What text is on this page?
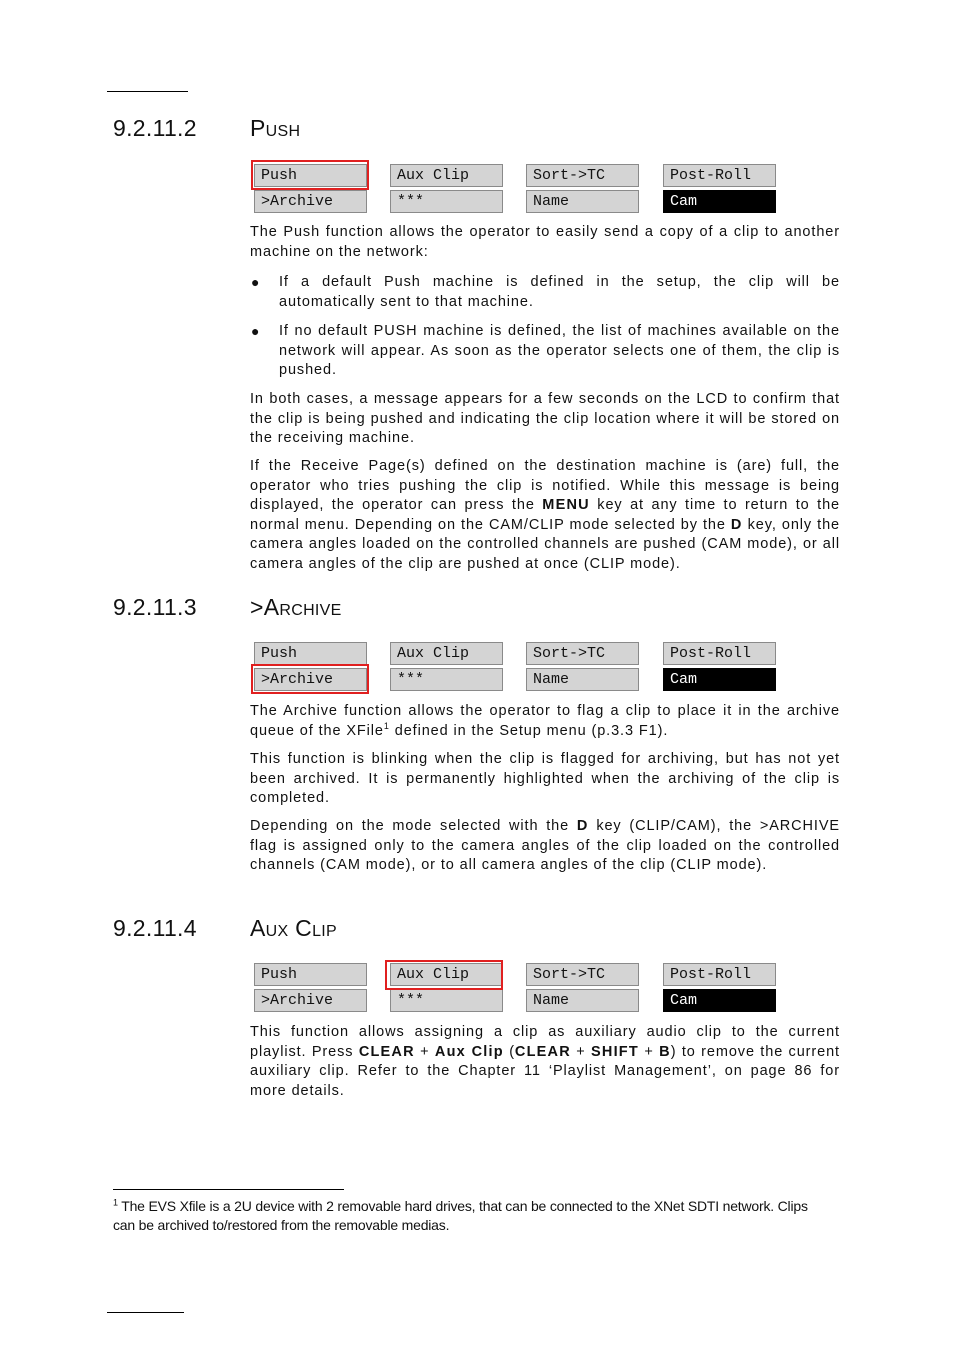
9.2.11.2 Push
Push	Aux Clip	Sort->TC	Post-Roll
>Archive	***	Name	Cam

The Push function allows the operator to easily send a copy of a clip to another machine on the network:

● If a default Push machine is defined in the setup, the clip will be automatically sent to that machine.

● If no default PUSH machine is defined, the list of machines available on the network will appear. As soon as the operator selects one of them, the clip is pushed.

In both cases, a message appears for a few seconds on the LCD to confirm that the clip is being pushed and indicating the clip location where it will be stored on the receiving machine.

If the Receive Page(s) defined on the destination machine is (are) full, the operator who tries pushing the clip is notified. While this message is being displayed, the operator can press the MENU key at any time to return to the normal menu. Depending on the CAM/CLIP mode selected by the D key, only the camera angles loaded on the controlled channels are pushed (CAM mode), or all camera angles of the clip are pushed at once (CLIP mode).

9.2.11.3 >Archive
Push	Aux Clip	Sort->TC	Post-Roll
>Archive	***	Name	Cam

The Archive function allows the operator to flag a clip to place it in the archive queue of the XFile$^1$ defined in the Setup menu (p.3.3 F1).

This function is blinking when the clip is flagged for archiving, but has not yet been archived. It is permanently highlighted when the archiving of the clip is completed.

Depending on the mode selected with the D key (CLIP/CAM), the >ARCHIVE flag is assigned only to the camera angles of the clip loaded on the controlled channels (CAM mode), or to all camera angles of the clip (CLIP mode).

9.2.11.4 Aux Clip
Push	Aux Clip	Sort->TC	Post-Roll
>Archive	***	Name	Cam

This function allows assigning a clip as auxiliary audio clip to the current playlist. Press CLEAR + Aux Clip (CLEAR + SHIFT + B) to remove the current auxiliary clip. Refer to the Chapter 11 ‘Playlist Management’, on page 86 for more details.

$^1$ The EVS Xfile is a 2U device with 2 removable hard drives, that can be connected to the XNet SDTI network. Clips can be archived to/restored from the removable medias.
